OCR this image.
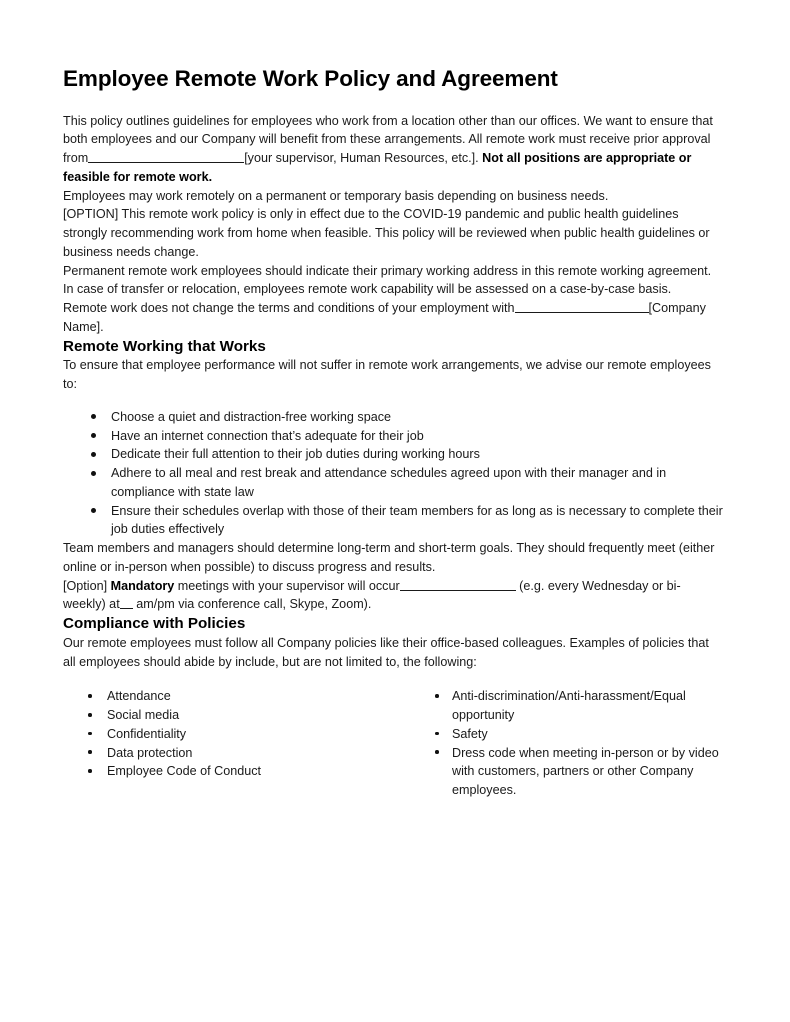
Employee Remote Work Policy and Agreement

This policy outlines guidelines for employees who work from a location other than our offices. We want to ensure that both employees and our Company will benefit from these arrangements. All remote work must receive prior approval from	[your supervisor, Human Resources, etc.]. Not all positions are appropriate or feasible for remote work.

Employees may work remotely on a permanent or temporary basis depending on business needs.

[OPTION] This remote work policy is only in effect due to the COVID-19 pandemic and public health guidelines strongly recommending work from home when feasible. This policy will be reviewed when public health guidelines or business needs change.

Permanent remote work employees should indicate their primary working address in this remote working agreement. In case of transfer or relocation, employees remote work capability will be assessed on a case-by-case basis.

Remote work does not change the terms and conditions of your employment with	[Company Name].

Remote Working that Works

To ensure that employee performance will not suffer in remote work arrangements, we advise our remote employees to:

Choose a quiet and distraction-free working space
Have an internet connection that’s adequate for their job
Dedicate their full attention to their job duties during working hours
Adhere to all meal and rest break and attendance schedules agreed upon with their manager and in compliance with state law
Ensure their schedules overlap with those of their team members for as long as is necessary to complete their job duties effectively

Team members and managers should determine long-term and short-term goals. They should frequently meet (either online or in-person when possible) to discuss progress and results.

[Option] Mandatory meetings with your supervisor will occur	(e.g. every Wednesday or bi- weekly) at am/pm via conference call, Skype, Zoom).

Compliance with Policies

Our remote employees must follow all Company policies like their office-based colleagues. Examples of policies that all employees should abide by include, but are not limited to, the following:

Attendance
Social media
Confidentiality
Data protection
Employee Code of Conduct
Anti-discrimination/Anti-harassment/Equal opportunity
Safety
Dress code when meeting in-person or by video with customers, partners or other Company employees.
